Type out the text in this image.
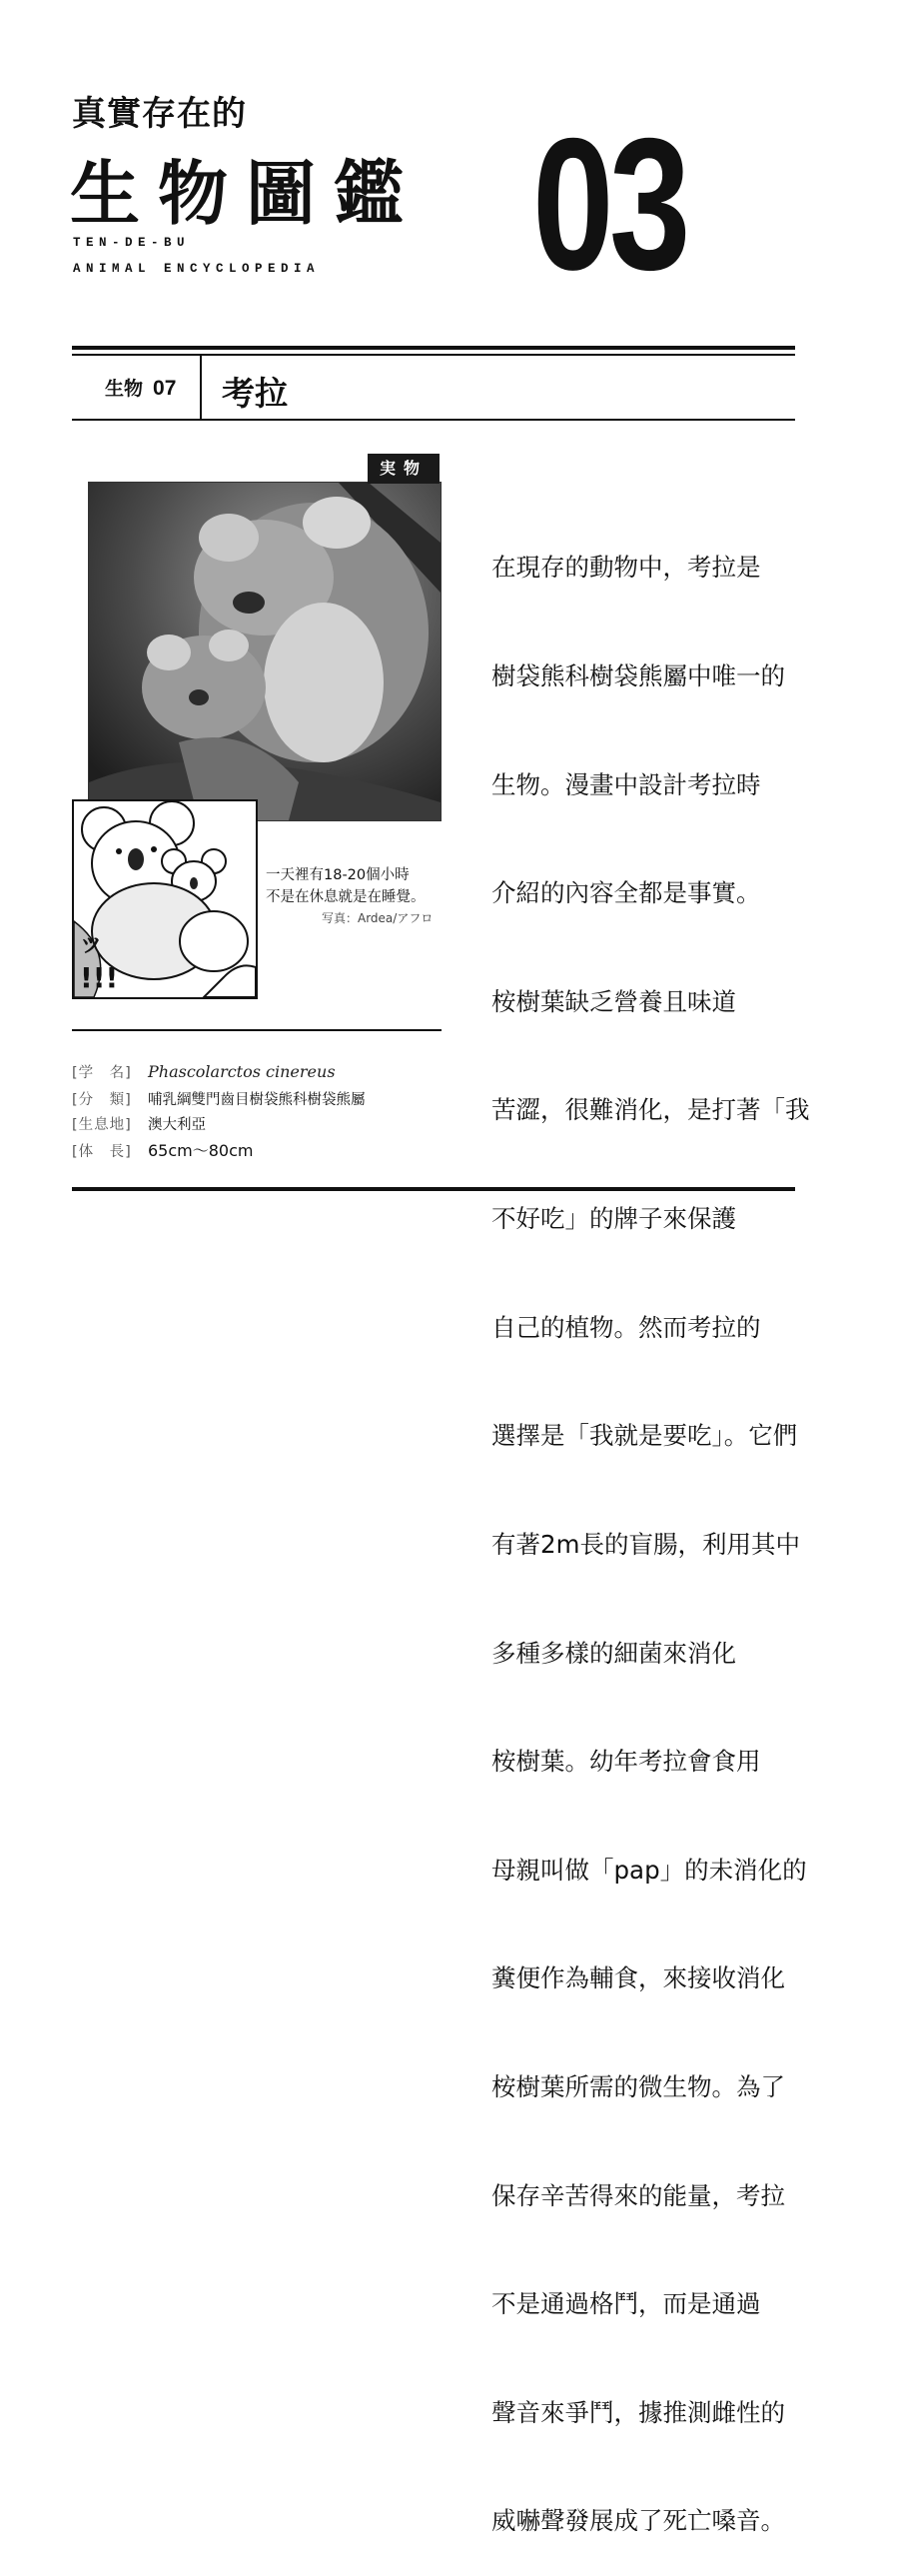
真實存在的
生物圖鑑
TEN-DE-BU
ANIMAL ENCYCLOPEDIA 03
生物 07 考拉
実物
ッ
!!!
一天裡有18-20個小時
不是在休息就是在睡覺。
写真：Ardea/アフロ
[学　名]	Phascolarctos cinereus
[分　類]	哺乳綱雙門齒目樹袋熊科樹袋熊屬
[生息地]	澳大利亞
[体　長]	65cm～80cm

在現存的動物中，考拉是

樹袋熊科樹袋熊屬中唯一的

生物。漫畫中設計考拉時

介紹的內容全都是事實。

桉樹葉缺乏營養且味道

苦澀，很難消化，是打著「我

不好吃」的牌子來保護

自己的植物。然而考拉的

選擇是「我就是要吃」。它們

有著2m長的盲腸，利用其中

多種多樣的細菌來消化

桉樹葉。幼年考拉會食用

母親叫做「pap」的未消化的

糞便作為輔食，來接收消化

桉樹葉所需的微生物。為了

保存辛苦得來的能量，考拉

不是通過格鬥，而是通過

聲音來爭鬥，據推測雌性的

威嚇聲發展成了死亡嗓音。
